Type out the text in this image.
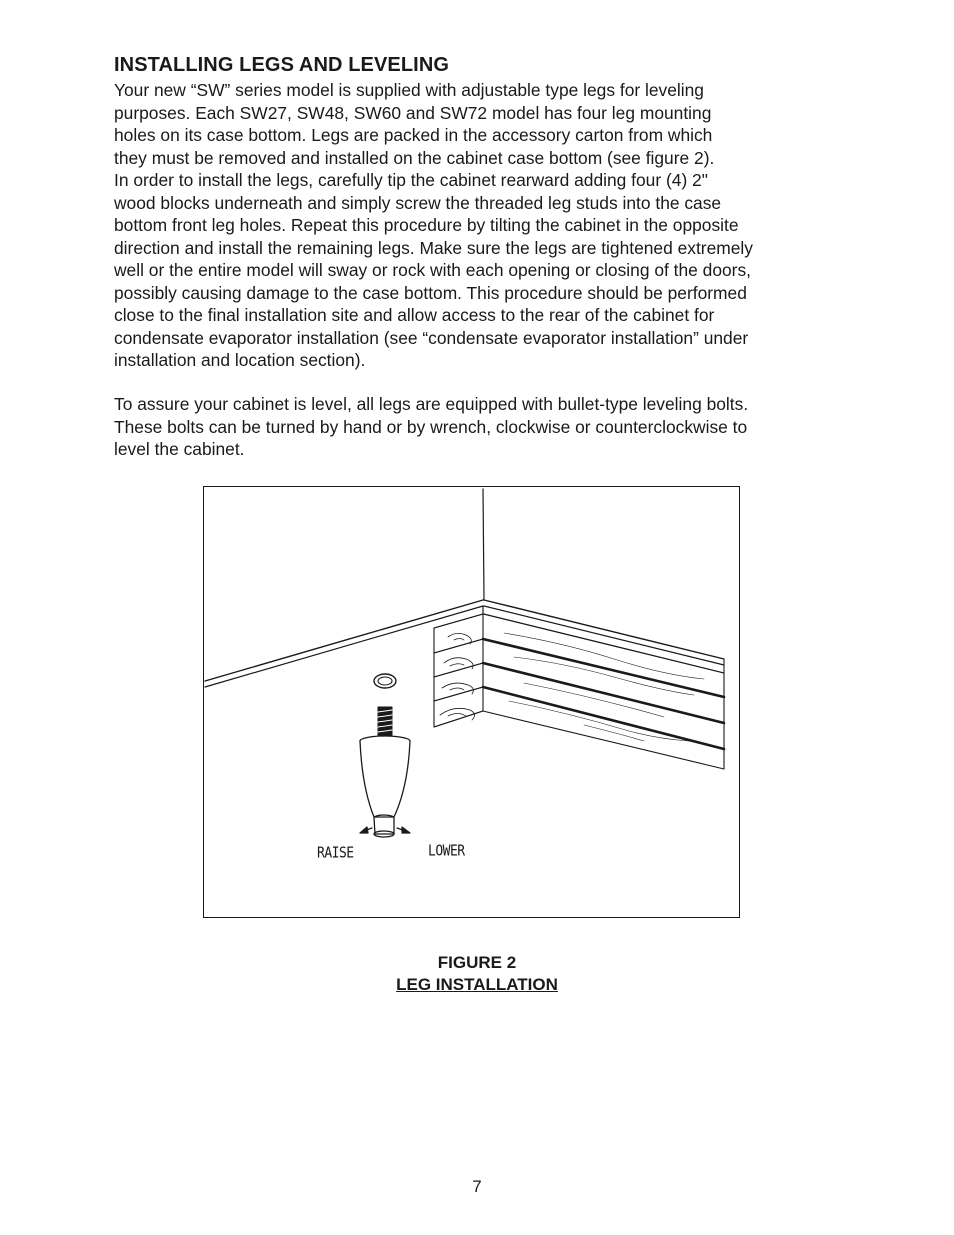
INSTALLING LEGS AND LEVELING

Your new “SW” series model is supplied with adjustable type legs for leveling
purposes. Each SW27, SW48, SW60 and SW72 model has four leg mounting
holes on its case bottom. Legs are packed in the accessory carton from which
they must be removed and installed on the cabinet case bottom (see figure 2).
In order to install the legs, carefully tip the cabinet rearward adding four (4) 2"
wood blocks underneath and simply screw the threaded leg studs into the case
bottom front leg holes. Repeat this procedure by tilting the cabinet in the opposite
direction and install the remaining legs. Make sure the legs are tightened extremely
well or the entire model will sway or rock with each opening or closing of the doors,
possibly causing damage to the case bottom. This procedure should be performed
close to the final installation site and allow access to the rear of the cabinet for
condensate evaporator installation (see “condensate evaporator installation” under
installation and location section).

To assure your cabinet is level, all legs are equipped with bullet-type leveling bolts.
These bolts can be turned by hand or by wrench, clockwise or counterclockwise to
level the cabinet.

RAISE	LOWER
FIGURE 2
LEG INSTALLATION
7
